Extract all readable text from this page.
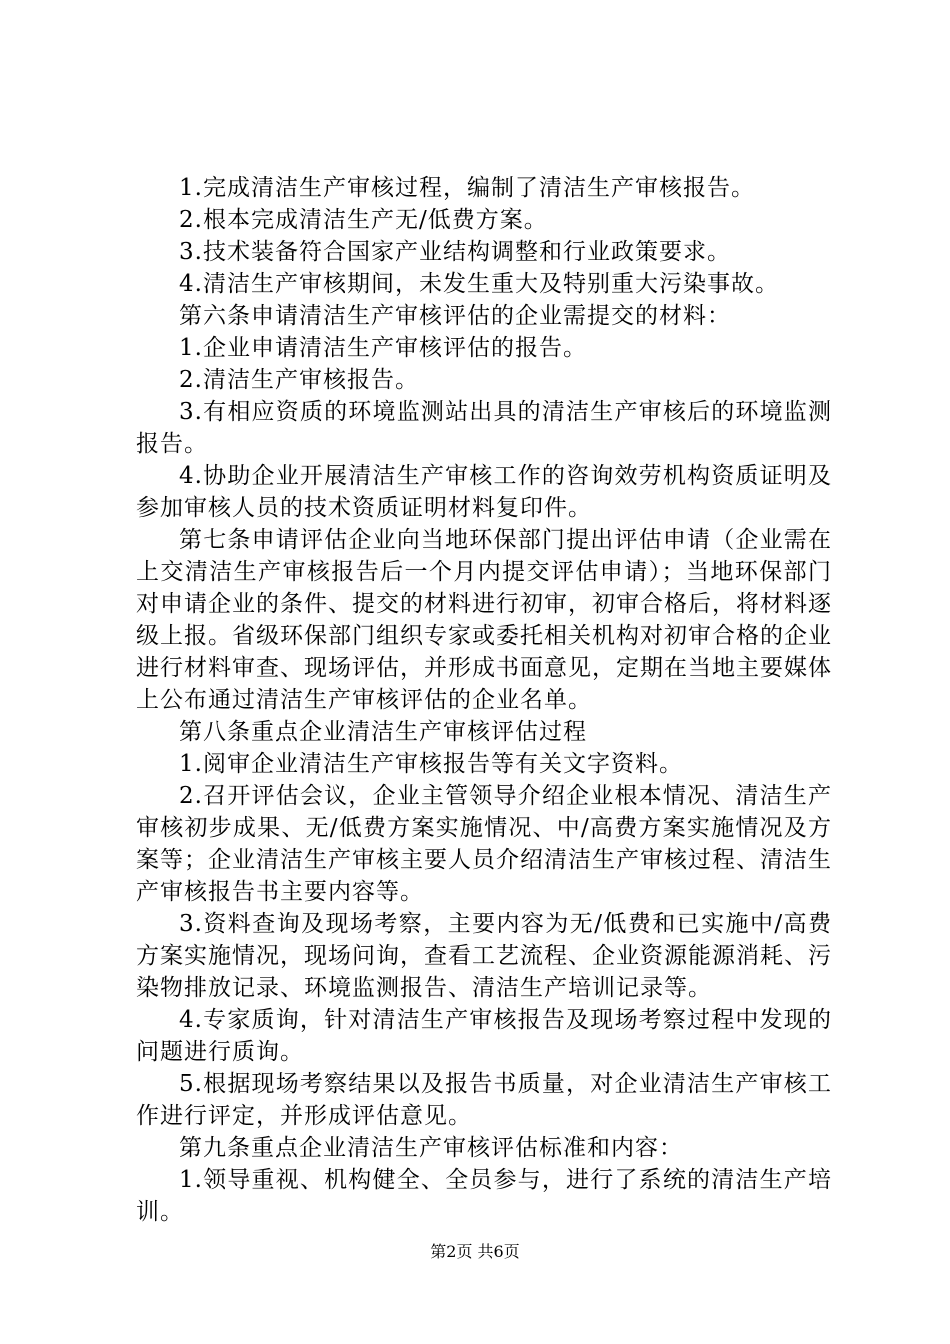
1.完成清洁生产审核过程，编制了清洁生产审核报告。

2.根本完成清洁生产无/低费方案。

3.技术装备符合国家产业结构调整和行业政策要求。

4.清洁生产审核期间，未发生重大及特别重大污染事故。

第六条申请清洁生产审核评估的企业需提交的材料：

1.企业申请清洁生产审核评估的报告。

2.清洁生产审核报告。

3.有相应资质的环境监测站出具的清洁生产审核后的环境监测报告。

4.协助企业开展清洁生产审核工作的咨询效劳机构资质证明及参加审核人员的技术资质证明材料复印件。

第七条申请评估企业向当地环保部门提出评估申请（企业需在上交清洁生产审核报告后一个月内提交评估申请）；当地环保部门对申请企业的条件、提交的材料进行初审，初审合格后，将材料逐级上报。省级环保部门组织专家或委托相关机构对初审合格的企业进行材料审查、现场评估，并形成书面意见，定期在当地主要媒体上公布通过清洁生产审核评估的企业名单。

第八条重点企业清洁生产审核评估过程

1.阅审企业清洁生产审核报告等有关文字资料。

2.召开评估会议，企业主管领导介绍企业根本情况、清洁生产审核初步成果、无/低费方案实施情况、中/高费方案实施情况及方案等；企业清洁生产审核主要人员介绍清洁生产审核过程、清洁生产审核报告书主要内容等。

3.资料查询及现场考察，主要内容为无/低费和已实施中/高费方案实施情况，现场问询，查看工艺流程、企业资源能源消耗、污染物排放记录、环境监测报告、清洁生产培训记录等。

4.专家质询，针对清洁生产审核报告及现场考察过程中发现的问题进行质询。

5.根据现场考察结果以及报告书质量，对企业清洁生产审核工作进行评定，并形成评估意见。

第九条重点企业清洁生产审核评估标准和内容：

1.领导重视、机构健全、全员参与，进行了系统的清洁生产培训。

第2页 共6页
